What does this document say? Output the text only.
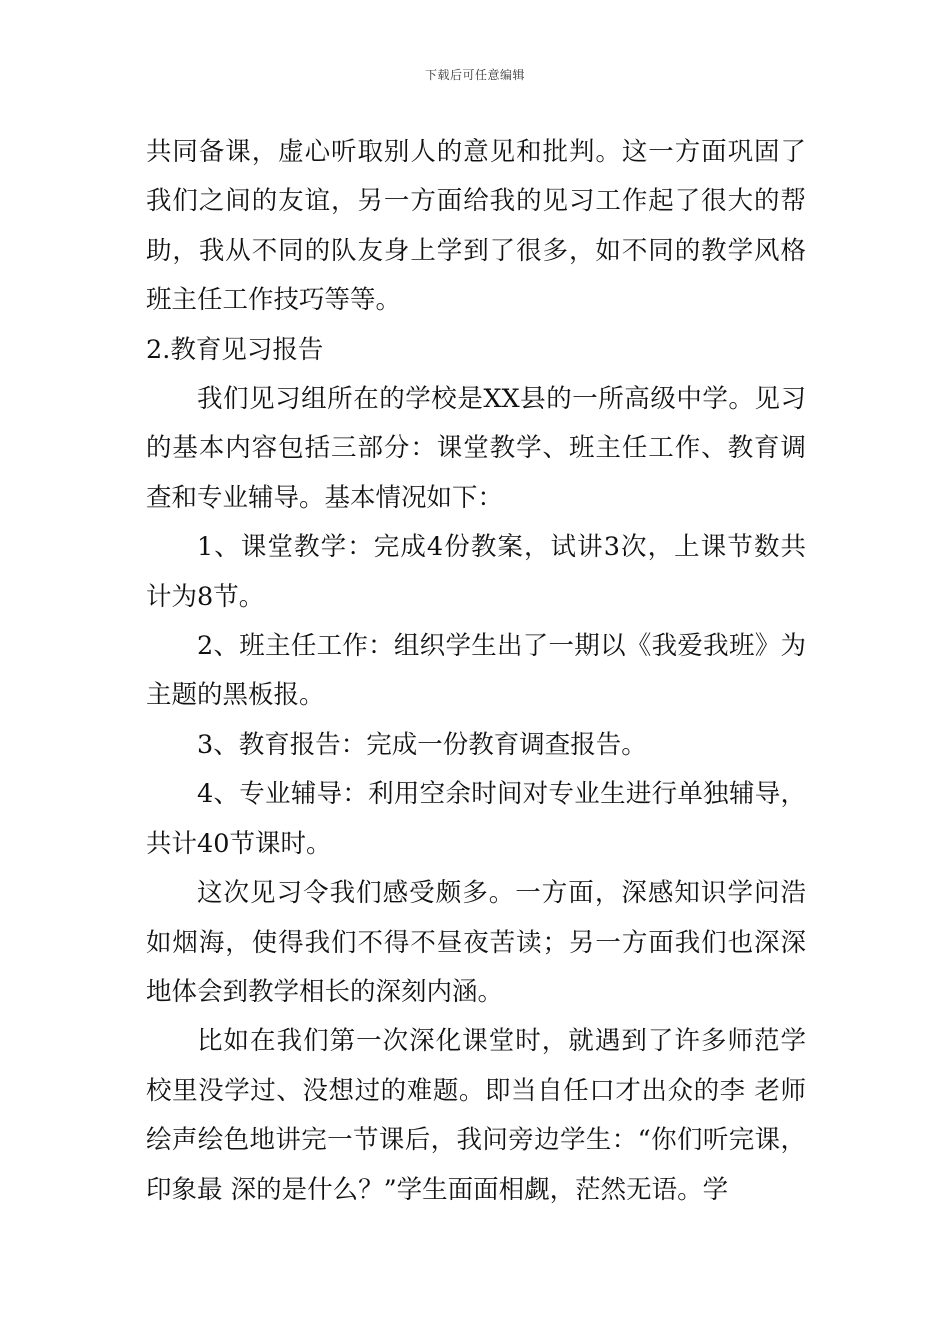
下载后可任意编辑

共同备课，虚心听取别人的意见和批判。这一方面巩固了我们之间的友谊，另一方面给我的见习工作起了很大的帮助，我从不同的队友身上学到了很多，如不同的教学风格班主任工作技巧等等。

2.教育见习报告

我们见习组所在的学校是XX县的一所高级中学。见习的基本内容包括三部分：课堂教学、班主任工作、教育调查和专业辅导。基本情况如下：

1、课堂教学：完成4份教案，试讲3次，上课节数共计为8节。

2、班主任工作：组织学生出了一期以《我爱我班》为主题的黑板报。

3、教育报告：完成一份教育调查报告。

4、专业辅导：利用空余时间对专业生进行单独辅导，共计40节课时。

这次见习令我们感受颇多。一方面，深感知识学问浩如烟海，使得我们不得不昼夜苦读；另一方面我们也深深地体会到教学相长的深刻内涵。

比如在我们第一次深化课堂时，就遇到了许多师范学校里没学过、没想过的难题。即当自任口才出众的李 老师绘声绘色地讲完一节课后，我问旁边学生：“你们听完课，印象最 深的是什么？”学生面面相觑，茫然无语。学
